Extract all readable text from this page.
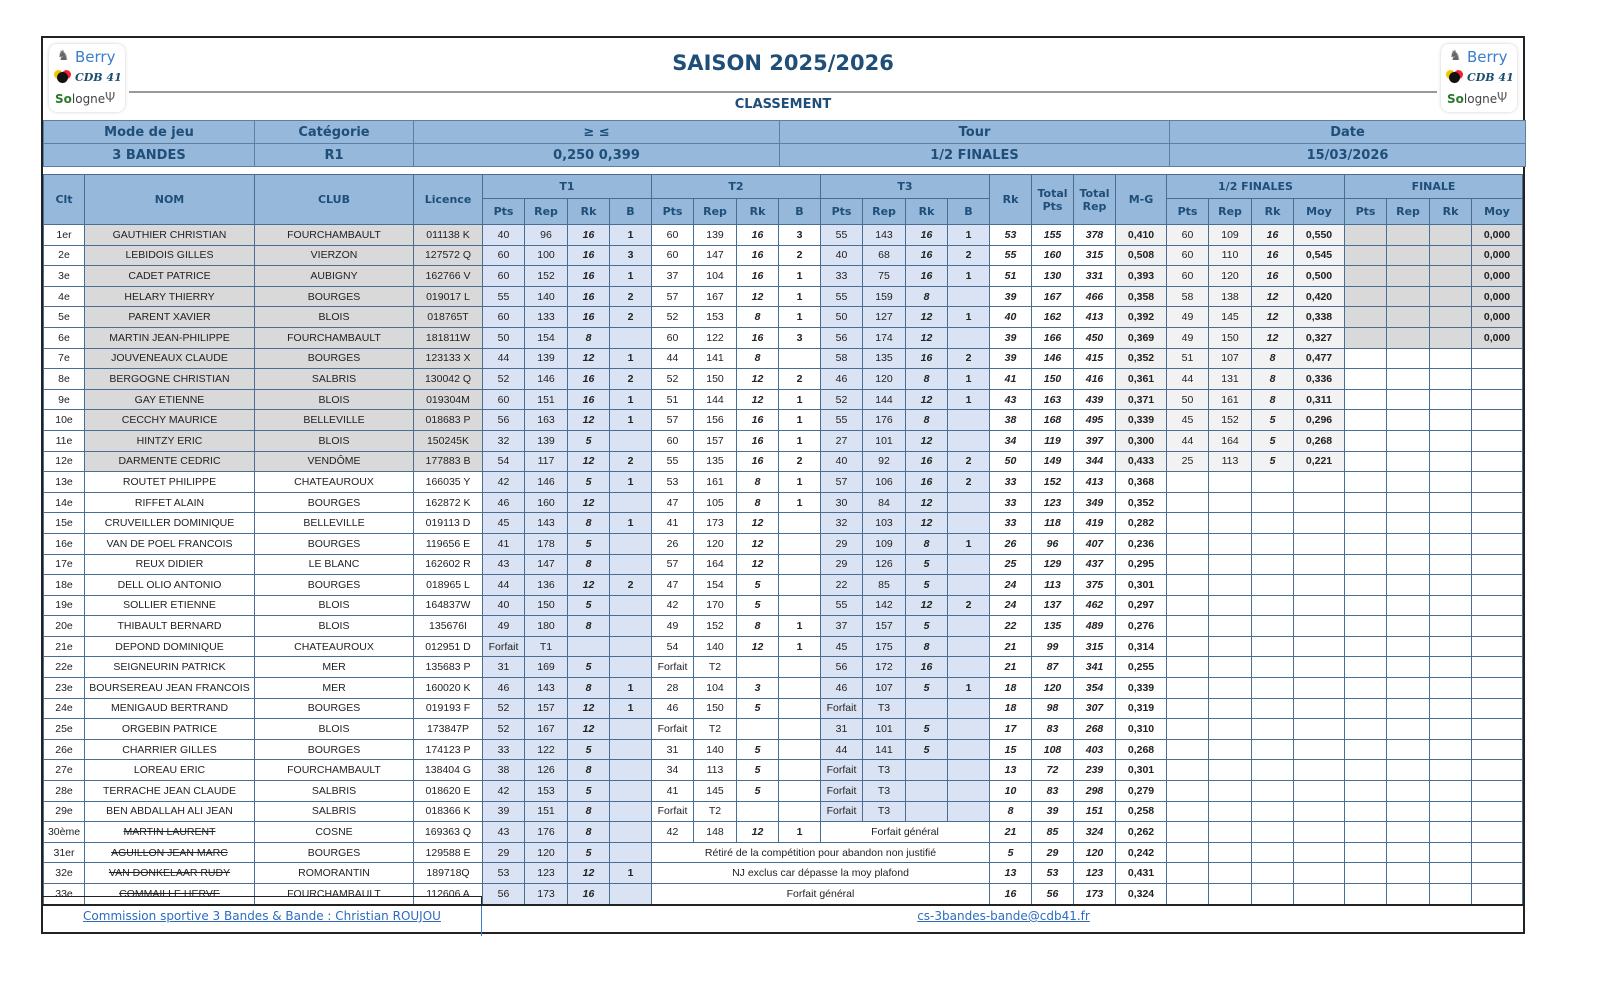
♞ Berry
CDB 41
Sologne Ψ
♞ Berry
CDB 41
Sologne Ψ
SAISON 2025/2026
CLASSEMENT
Mode de jeu	Catégorie	≥ ≤	Tour	Date
3 BANDES	R1	0,250 0,399	1/2 FINALES	15/03/2026
Clt	NOM	CLUB	Licence	T1				T2				T3				Rk	Total Pts	Total Rep	M-G	1/2 FINALES				FINALE			
				Pts	Rep	Rk	B	Pts	Rep	Rk	B	Pts	Rep	Rk	B					Pts	Rep	Rk	Moy	Pts	Rep	Rk	Moy
1er	GAUTHIER CHRISTIAN	FOURCHAMBAULT	011138 K	40	96	16	1	60	139	16	3	55	143	16	1	53	155	378	0,410	60	109	16	0,550				0,000
2e	LEBIDOIS GILLES	VIERZON	127572 Q	60	100	16	3	60	147	16	2	40	68	16	2	55	160	315	0,508	60	110	16	0,545				0,000
3e	CADET PATRICE	AUBIGNY	162766 V	60	152	16	1	37	104	16	1	33	75	16	1	51	130	331	0,393	60	120	16	0,500				0,000
4e	HELARY THIERRY	BOURGES	019017 L	55	140	16	2	57	167	12	1	55	159	8		39	167	466	0,358	58	138	12	0,420				0,000
5e	PARENT XAVIER	BLOIS	018765T	60	133	16	2	52	153	8	1	50	127	12	1	40	162	413	0,392	49	145	12	0,338				0,000
6e	MARTIN JEAN-PHILIPPE	FOURCHAMBAULT	181811W	50	154	8		60	122	16	3	56	174	12		39	166	450	0,369	49	150	12	0,327				0,000
7e	JOUVENEAUX CLAUDE	BOURGES	123133 X	44	139	12	1	44	141	8		58	135	16	2	39	146	415	0,352	51	107	8	0,477				
8e	BERGOGNE CHRISTIAN	SALBRIS	130042 Q	52	146	16	2	52	150	12	2	46	120	8	1	41	150	416	0,361	44	131	8	0,336				
9e	GAY ETIENNE	BLOIS	019304M	60	151	16	1	51	144	12	1	52	144	12	1	43	163	439	0,371	50	161	8	0,311				
10e	CECCHY MAURICE	BELLEVILLE	018683 P	56	163	12	1	57	156	16	1	55	176	8		38	168	495	0,339	45	152	5	0,296				
11e	HINTZY ERIC	BLOIS	150245K	32	139	5		60	157	16	1	27	101	12		34	119	397	0,300	44	164	5	0,268				
12e	DARMENTE CEDRIC	VENDÔME	177883 B	54	117	12	2	55	135	16	2	40	92	16	2	50	149	344	0,433	25	113	5	0,221				
13e	ROUTET PHILIPPE	CHATEAUROUX	166035 Y	42	146	5	1	53	161	8	1	57	106	16	2	33	152	413	0,368								
14e	RIFFET ALAIN	BOURGES	162872 K	46	160	12		47	105	8	1	30	84	12		33	123	349	0,352								
15e	CRUVEILLER DOMINIQUE	BELLEVILLE	019113 D	45	143	8	1	41	173	12		32	103	12		33	118	419	0,282								
16e	VAN DE POEL FRANCOIS	BOURGES	119656 E	41	178	5		26	120	12		29	109	8	1	26	96	407	0,236								
17e	REUX DIDIER	LE BLANC	162602 R	43	147	8		57	164	12		29	126	5		25	129	437	0,295								
18e	DELL OLIO ANTONIO	BOURGES	018965 L	44	136	12	2	47	154	5		22	85	5		24	113	375	0,301								
19e	SOLLIER ETIENNE	BLOIS	164837W	40	150	5		42	170	5		55	142	12	2	24	137	462	0,297								
20e	THIBAULT BERNARD	BLOIS	135676I	49	180	8		49	152	8	1	37	157	5		22	135	489	0,276								
21e	DEPOND DOMINIQUE	CHATEAUROUX	012951 D	Forfait	T1			54	140	12	1	45	175	8		21	99	315	0,314								
22e	SEIGNEURIN PATRICK	MER	135683 P	31	169	5		Forfait	T2			56	172	16		21	87	341	0,255								
23e	BOURSEREAU JEAN FRANCOIS	MER	160020 K	46	143	8	1	28	104	3		46	107	5	1	18	120	354	0,339								
24e	MENIGAUD BERTRAND	BOURGES	019193 F	52	157	12	1	46	150	5		Forfait	T3			18	98	307	0,319								
25e	ORGEBIN PATRICE	BLOIS	173847P	52	167	12		Forfait	T2			31	101	5		17	83	268	0,310								
26e	CHARRIER GILLES	BOURGES	174123 P	33	122	5		31	140	5		44	141	5		15	108	403	0,268								
27e	LOREAU ERIC	FOURCHAMBAULT	138404 G	38	126	8		34	113	5		Forfait	T3			13	72	239	0,301								
28e	TERRACHE JEAN CLAUDE	SALBRIS	018620 E	42	153	5		41	145	5		Forfait	T3			10	83	298	0,279								
29e	BEN ABDALLAH ALI JEAN	SALBRIS	018366 K	39	151	8		Forfait	T2			Forfait	T3			8	39	151	0,258								
30ème	MARTIN LAURENT	COSNE	169363 Q	43	176	8		42	148	12	1	Forfait général				21	85	324	0,262								
31er	AGUILLON JEAN MARC	BOURGES	129588 E	29	120	5		Rétiré de la compétition pour abandon non justifié								5	29	120	0,242								
32e	VAN DONKELAAR RUDY	ROMORANTIN	189718Q	53	123	12	1	NJ exclus car dépasse la moy plafond								13	53	123	0,431								
33e	COMMAILLE HERVE	FOURCHAMBAULT	112606 A	56	173	16		Forfait général								16	56	173	0,324								
Commission sportive 3 Bandes & Bande : Christian ROUJOU	cs-3bandes-bande@cdb41.fr
